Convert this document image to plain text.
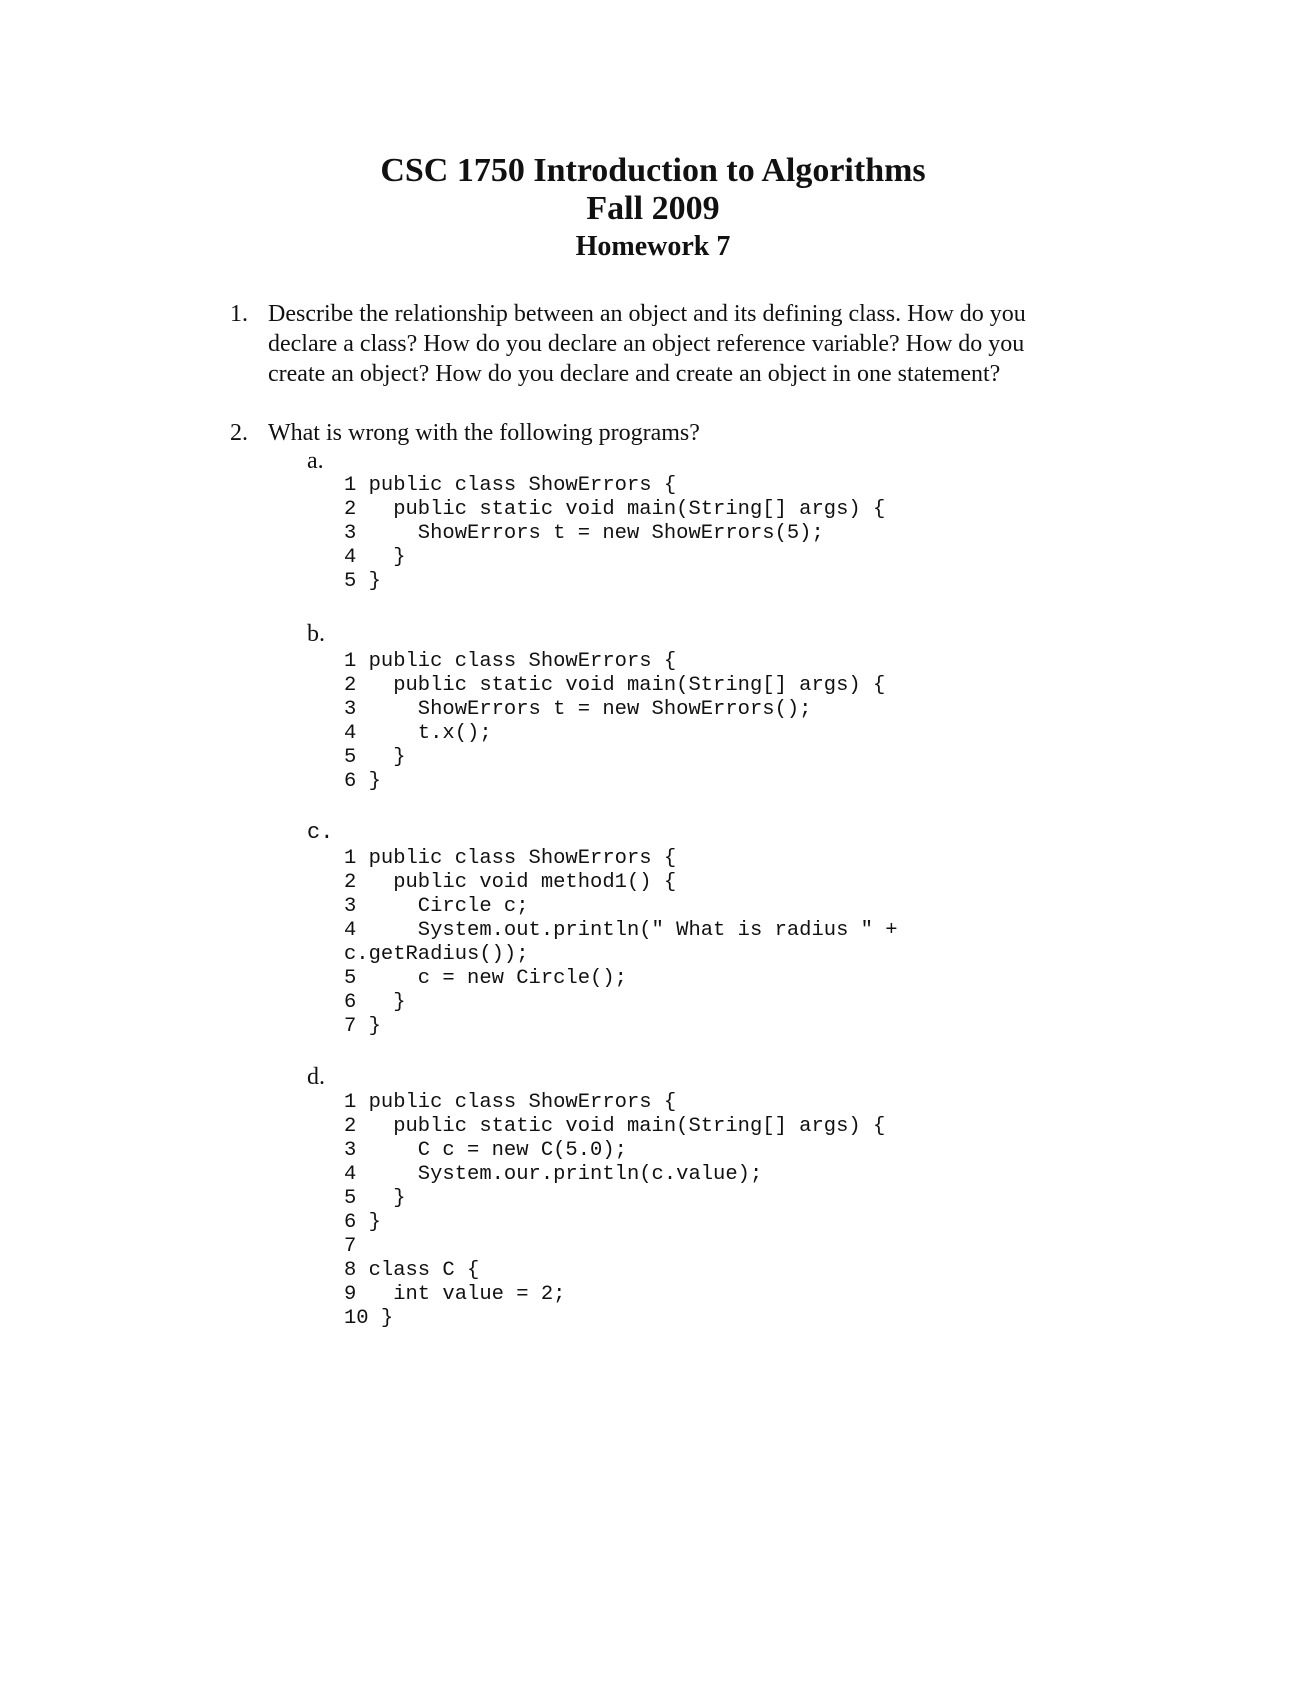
CSC 1750 Introduction to Algorithms
Fall 2009
Homework 7
1. Describe the relationship between an object and its defining class. How do you
declare a class? How do you declare an object reference variable? How do you
create an object? How do you declare and create an object in one statement?
2. What is wrong with the following programs?
a.
1 public class ShowErrors {
2   public static void main(String[] args) {
3     ShowErrors t = new ShowErrors(5);
4   }
5 }
b.
1 public class ShowErrors {
2   public static void main(String[] args) {
3     ShowErrors t = new ShowErrors();
4     t.x();
5   }
6 }
c.
1 public class ShowErrors {
2   public void method1() {
3     Circle c;
4     System.out.println(" What is radius " +
c.getRadius());
5     c = new Circle();
6   }
7 }
d.
1 public class ShowErrors {
2   public static void main(String[] args) {
3     C c = new C(5.0);
4     System.our.println(c.value);
5   }
6 }
7
8 class C {
9   int value = 2;
10 }
